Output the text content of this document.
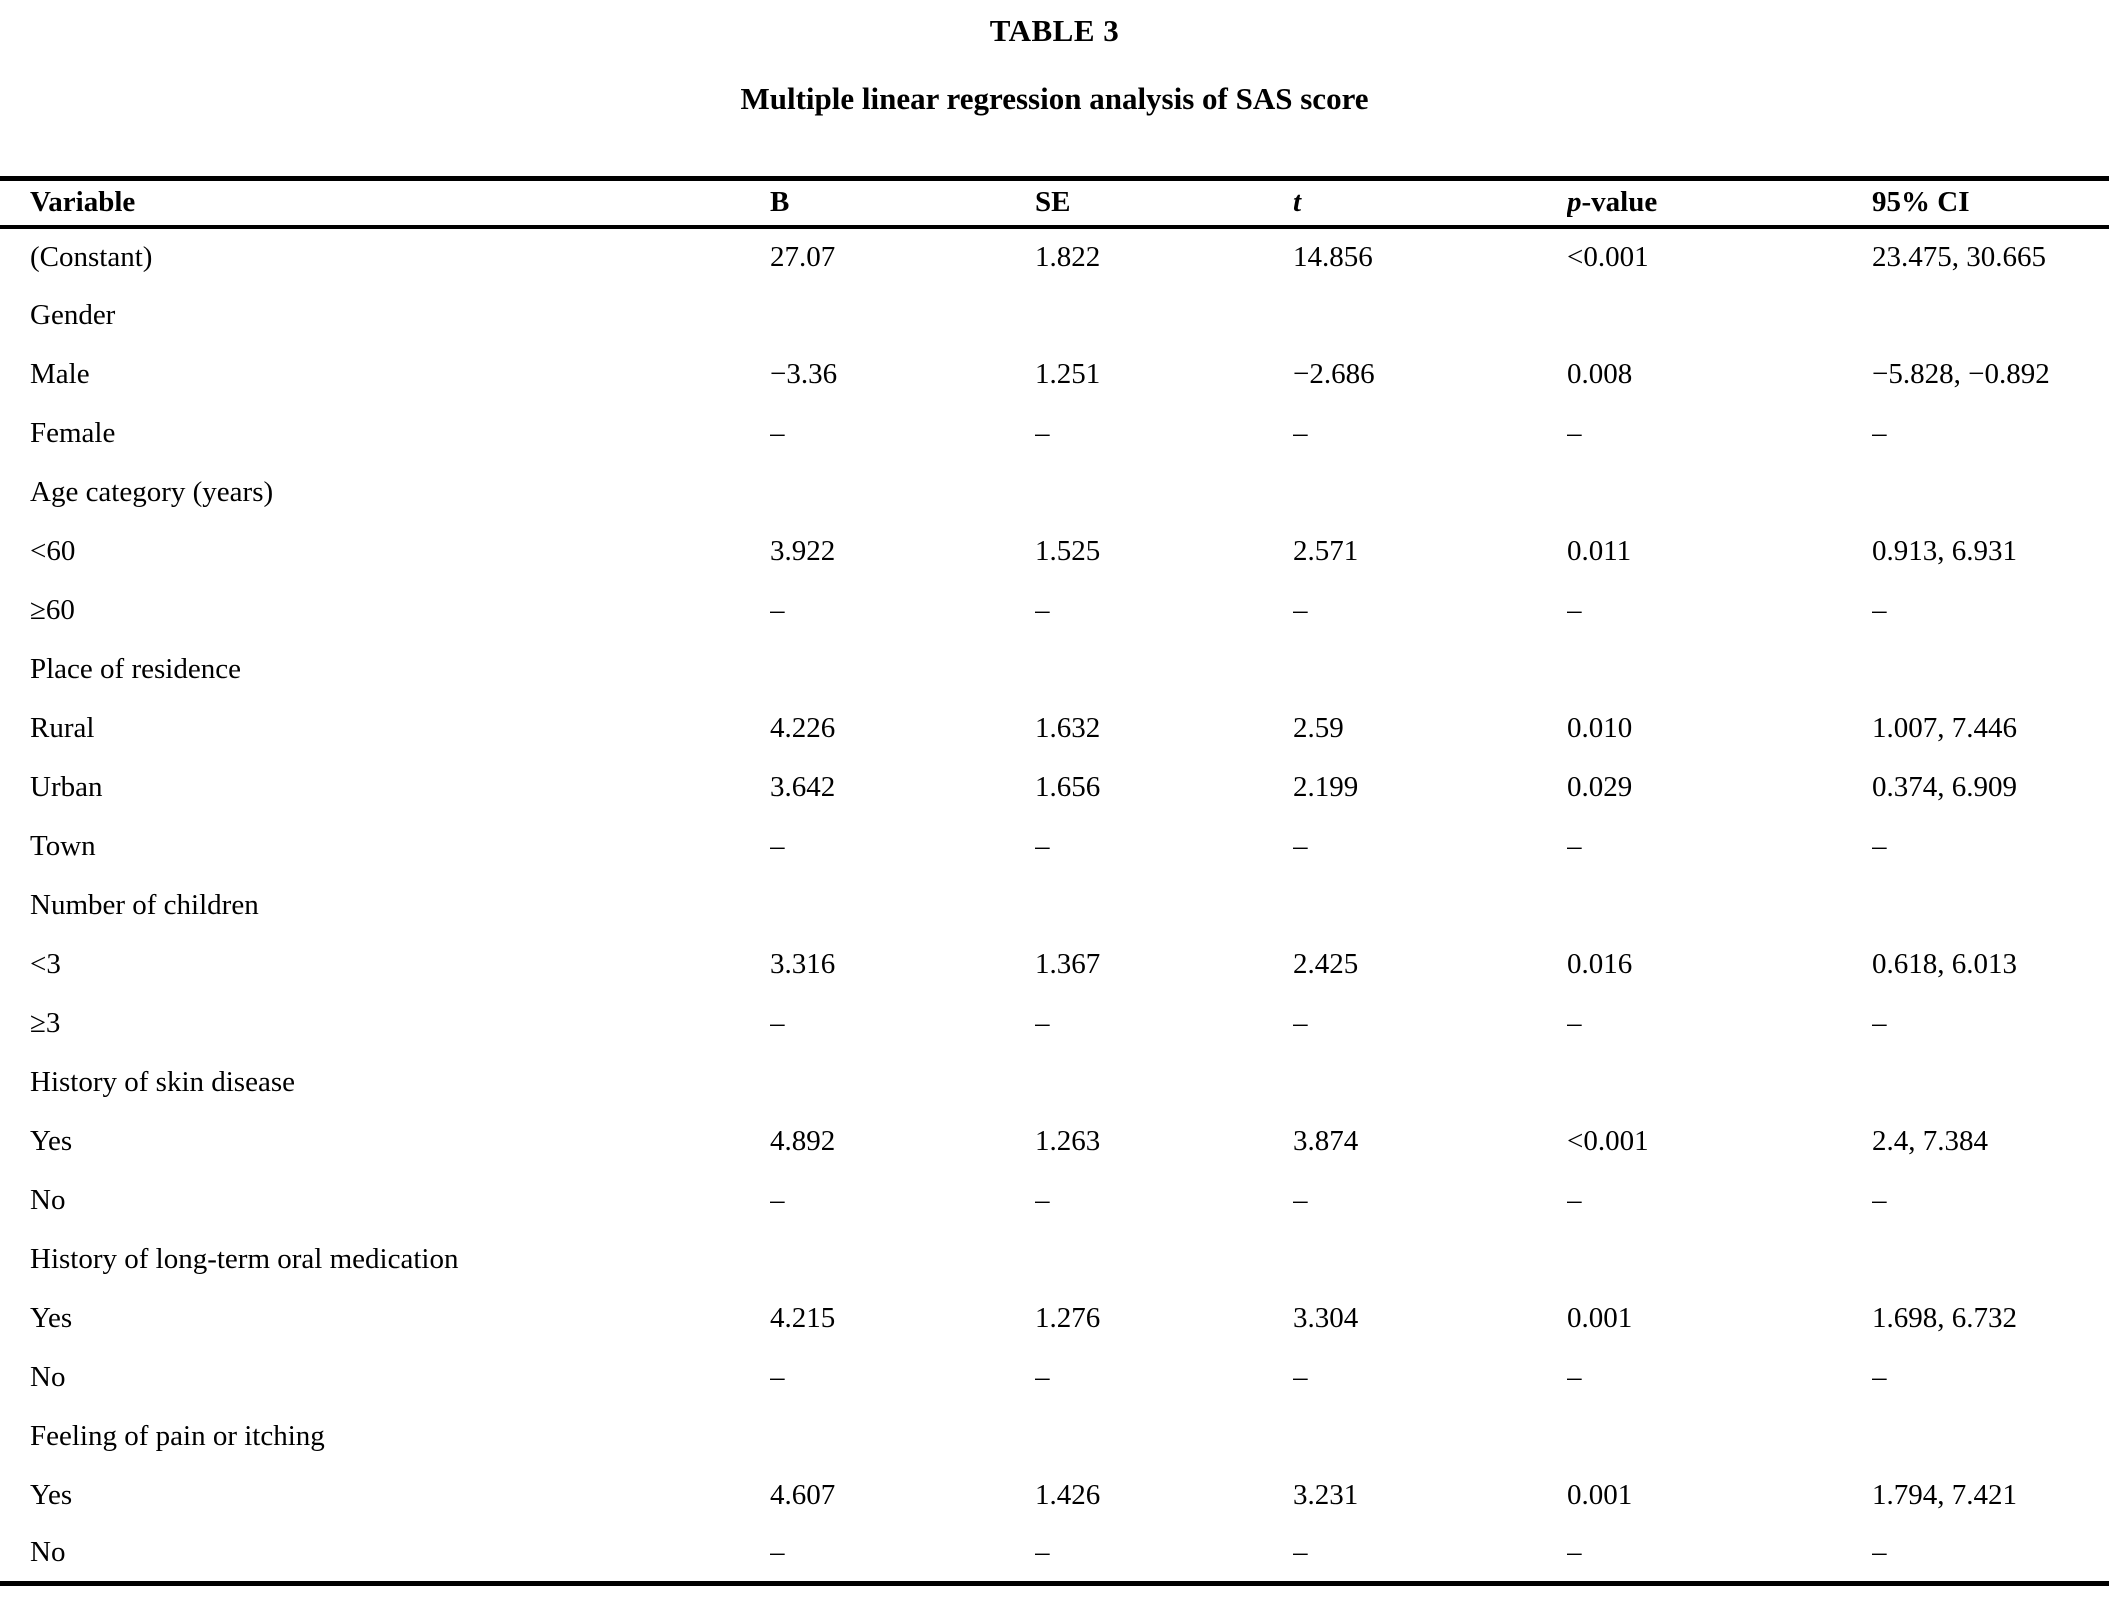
TABLE 3
Multiple linear regression analysis of SAS score
Variable	B	SE	t	p-value	95% CI
(Constant)	27.07	1.822	14.856	<0.001	23.475, 30.665
Gender					
Male	−3.36	1.251	−2.686	0.008	−5.828, −0.892
Female	–	–	–	–	–
Age category (years)					
<60	3.922	1.525	2.571	0.011	0.913, 6.931
≥60	–	–	–	–	–
Place of residence					
Rural	4.226	1.632	2.59	0.010	1.007, 7.446
Urban	3.642	1.656	2.199	0.029	0.374, 6.909
Town	–	–	–	–	–
Number of children					
<3	3.316	1.367	2.425	0.016	0.618, 6.013
≥3	–	–	–	–	–
History of skin disease					
Yes	4.892	1.263	3.874	<0.001	2.4, 7.384
No	–	–	–	–	–
History of long-term oral medication					
Yes	4.215	1.276	3.304	0.001	1.698, 6.732
No	–	–	–	–	–
Feeling of pain or itching					
Yes	4.607	1.426	3.231	0.001	1.794, 7.421
No	–	–	–	–	–
